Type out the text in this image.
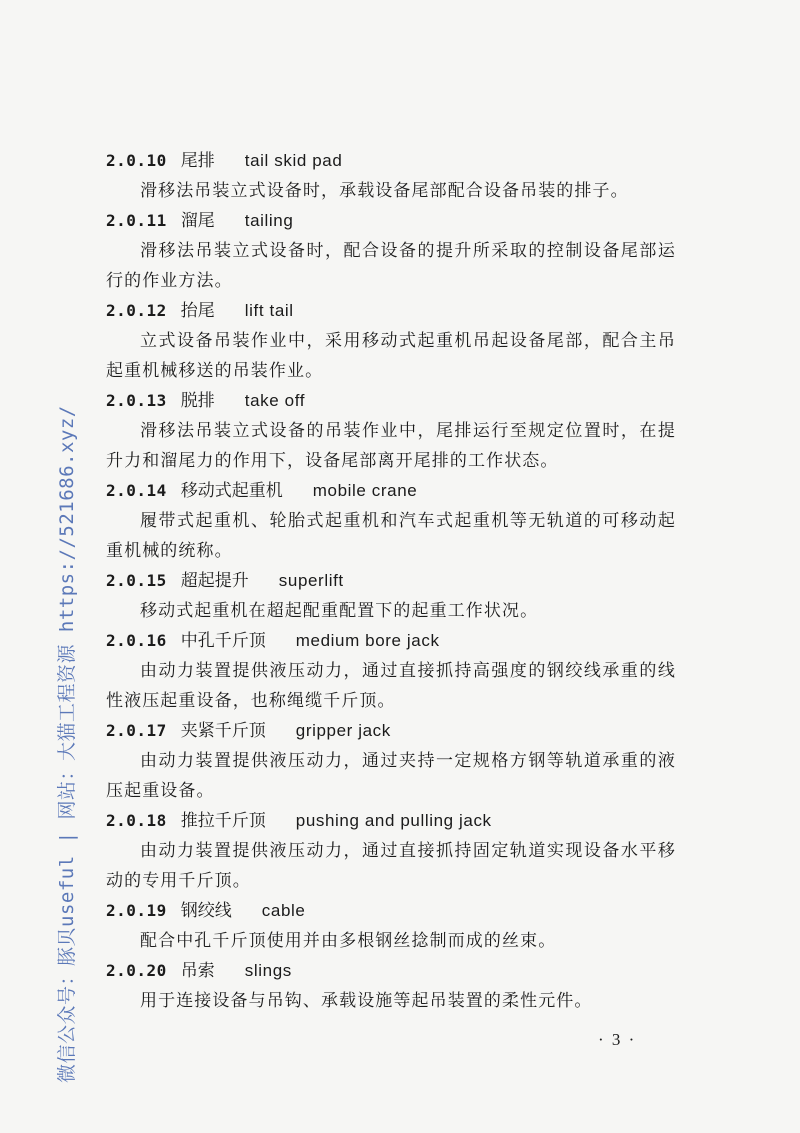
微信公众号：豚贝useful | 网站：大猫工程资源 https://521686.xyz/
2.0.10 尾排 tail skid pad

滑移法吊装立式设备时，承载设备尾部配合设备吊装的排子。

2.0.11 溜尾 tailing

滑移法吊装立式设备时，配合设备的提升所采取的控制设备尾部运行的作业方法。

2.0.12 抬尾 lift tail

立式设备吊装作业中，采用移动式起重机吊起设备尾部，配合主吊起重机械移送的吊装作业。

2.0.13 脱排 take off

滑移法吊装立式设备的吊装作业中，尾排运行至规定位置时，在提升力和溜尾力的作用下，设备尾部离开尾排的工作状态。

2.0.14 移动式起重机 mobile crane

履带式起重机、轮胎式起重机和汽车式起重机等无轨道的可移动起重机械的统称。

2.0.15 超起提升 superlift

移动式起重机在超起配重配置下的起重工作状况。

2.0.16 中孔千斤顶 medium bore jack

由动力装置提供液压动力，通过直接抓持高强度的钢绞线承重的线性液压起重设备，也称绳缆千斤顶。

2.0.17 夹紧千斤顶 gripper jack

由动力装置提供液压动力，通过夹持一定规格方钢等轨道承重的液压起重设备。

2.0.18 推拉千斤顶 pushing and pulling jack

由动力装置提供液压动力，通过直接抓持固定轨道实现设备水平移动的专用千斤顶。

2.0.19 钢绞线 cable

配合中孔千斤顶使用并由多根钢丝捻制而成的丝束。

2.0.20 吊索 slings

用于连接设备与吊钩、承载设施等起吊装置的柔性元件。

· 3 ·
